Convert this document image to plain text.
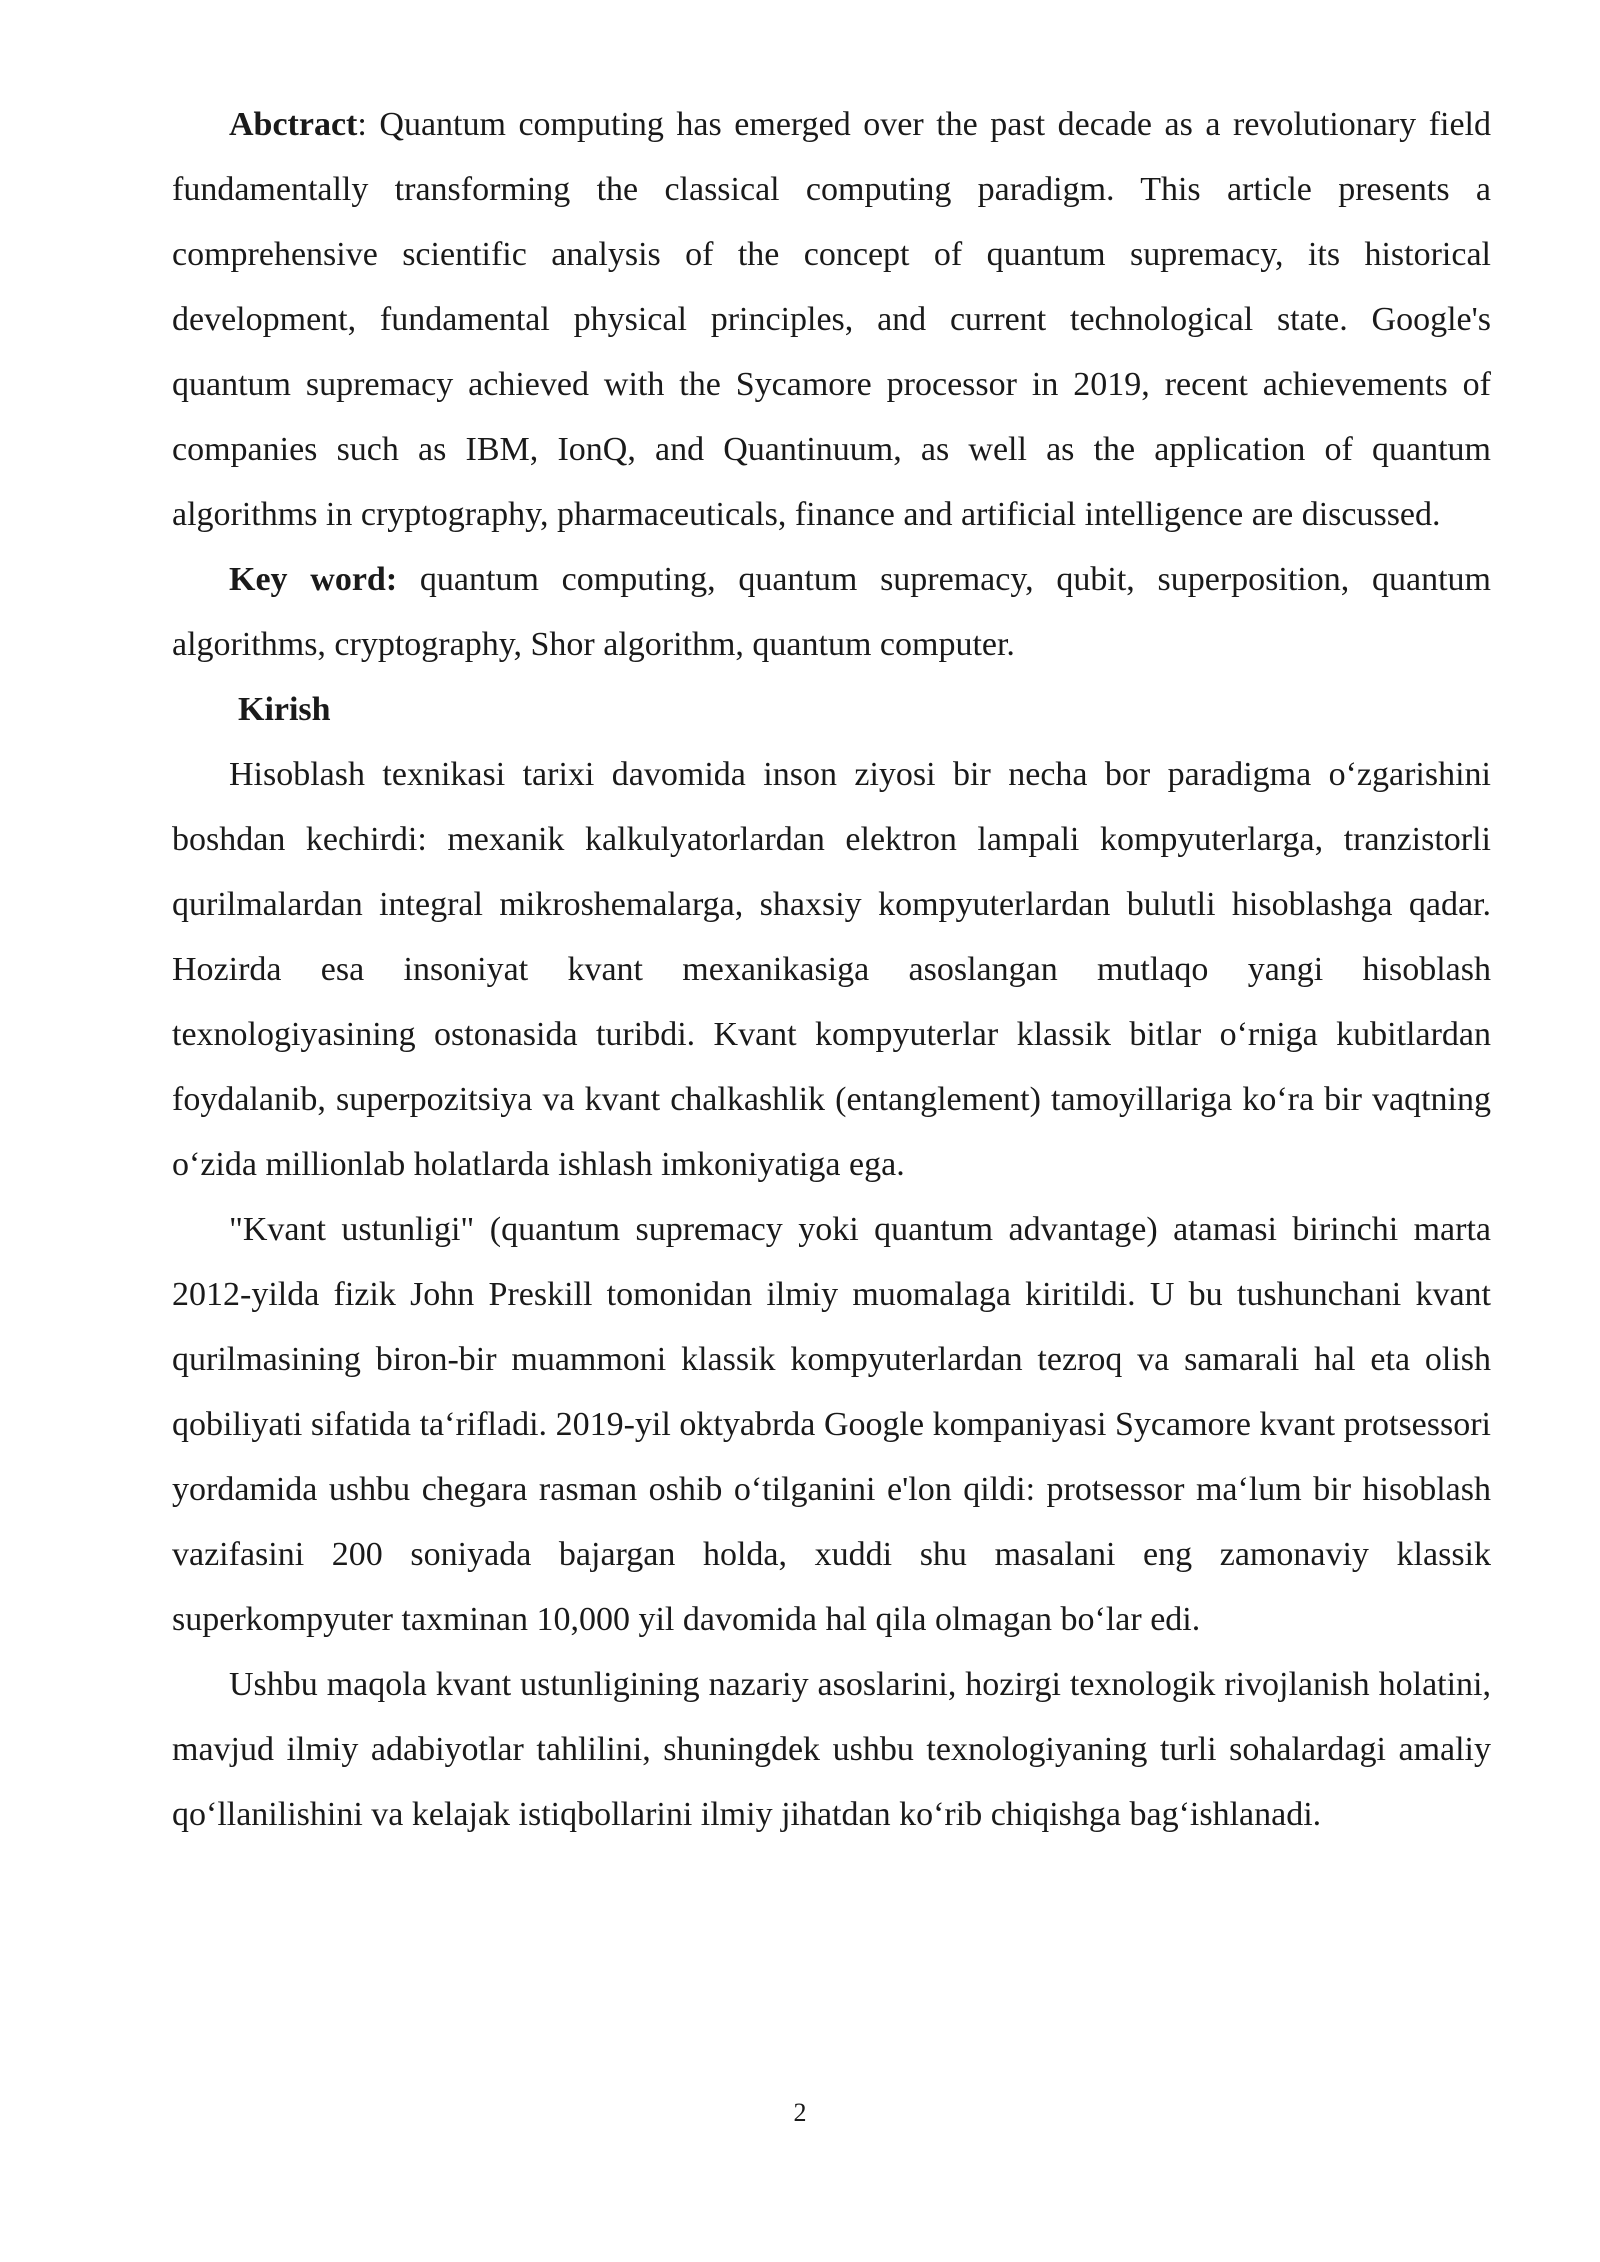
Abctract: Quantum computing has emerged over the past decade as a revolutionary field fundamentally transforming the classical computing paradigm. This article presents a comprehensive scientific analysis of the concept of quantum supremacy, its historical development, fundamental physical principles, and current technological state. Google's quantum supremacy achieved with the Sycamore processor in 2019, recent achievements of companies such as IBM, IonQ, and Quantinuum, as well as the application of quantum algorithms in cryptography, pharmaceuticals, finance and artificial intelligence are discussed.

Key word: quantum computing, quantum supremacy, qubit, superposition, quantum algorithms, cryptography, Shor algorithm, quantum computer.

Kirish

Hisoblash texnikasi tarixi davomida inson ziyosi bir necha bor paradigma o‘zgarishini boshdan kechirdi: mexanik kalkulyatorlardan elektron lampali kompyuterlarga, tranzistorli qurilmalardan integral mikroshemalarga, shaxsiy kompyuterlardan bulutli hisoblashga qadar. Hozirda esa insoniyat kvant mexanikasiga asoslangan mutlaqo yangi hisoblash texnologiyasining ostonasida turibdi. Kvant kompyuterlar klassik bitlar o‘rniga kubitlardan foydalanib, superpozitsiya va kvant chalkashlik (entanglement) tamoyillariga ko‘ra bir vaqtning o‘zida millionlab holatlarda ishlash imkoniyatiga ega.

"Kvant ustunligi" (quantum supremacy yoki quantum advantage) atamasi birinchi marta 2012-yilda fizik John Preskill tomonidan ilmiy muomalaga kiritildi. U bu tushunchani kvant qurilmasining biron-bir muammoni klassik kompyuterlardan tezroq va samarali hal eta olish qobiliyati sifatida ta‘rifladi. 2019-yil oktyabrda Google kompaniyasi Sycamore kvant protsessori yordamida ushbu chegara rasman oshib o‘tilganini e'lon qildi: protsessor ma‘lum bir hisoblash vazifasini 200 soniyada bajargan holda, xuddi shu masalani eng zamonaviy klassik superkompyuter taxminan 10,000 yil davomida hal qila olmagan bo‘lar edi.

Ushbu maqola kvant ustunligining nazariy asoslarini, hozirgi texnologik rivojlanish holatini, mavjud ilmiy adabiyotlar tahlilini, shuningdek ushbu texnologiyaning turli sohalardagi amaliy qo‘llanilishini va kelajak istiqbollarini ilmiy jihatdan ko‘rib chiqishga bag‘ishlanadi.

2
